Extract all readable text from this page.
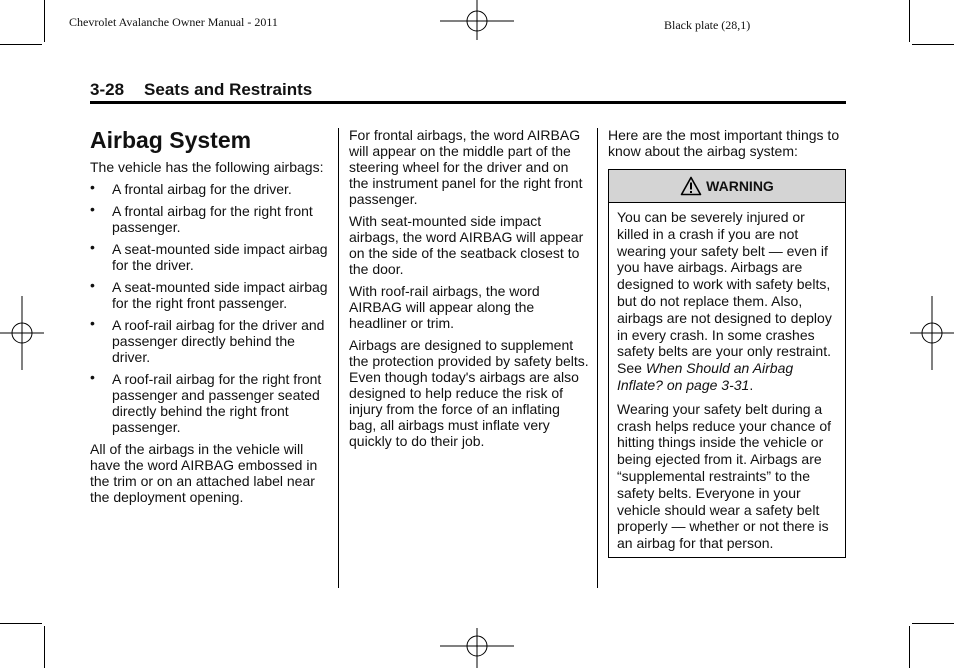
Chevrolet Avalanche Owner Manual - 2011	Black plate (28,1)
3-28 Seats and Restraints
Airbag System

The vehicle has the following airbags:

• A frontal airbag for the driver.
• A frontal airbag for the right front passenger.
• A seat-mounted side impact airbag for the driver.
• A seat-mounted side impact airbag for the right front passenger.
• A roof-rail airbag for the driver and passenger directly behind the driver.
• A roof-rail airbag for the right front passenger and passenger seated directly behind the right front passenger.

All of the airbags in the vehicle will have the word AIRBAG embossed in the trim or on an attached label near the deployment opening.

For frontal airbags, the word AIRBAG will appear on the middle part of the steering wheel for the driver and on the instrument panel for the right front passenger.

With seat-mounted side impact airbags, the word AIRBAG will appear on the side of the seatback closest to the door.

With roof-rail airbags, the word AIRBAG will appear along the headliner or trim.

Airbags are designed to supplement the protection provided by safety belts. Even though today's airbags are also designed to help reduce the risk of injury from the force of an inflating bag, all airbags must inflate very quickly to do their job.

Here are the most important things to know about the airbag system:

WARNING

You can be severely injured or killed in a crash if you are not wearing your safety belt — even if you have airbags. Airbags are designed to work with safety belts, but do not replace them. Also, airbags are not designed to deploy in every crash. In some crashes safety belts are your only restraint. See When Should an Airbag Inflate? on page 3-31.

Wearing your safety belt during a crash helps reduce your chance of hitting things inside the vehicle or being ejected from it. Airbags are “supplemental restraints” to the safety belts. Everyone in your vehicle should wear a safety belt properly — whether or not there is an airbag for that person.
